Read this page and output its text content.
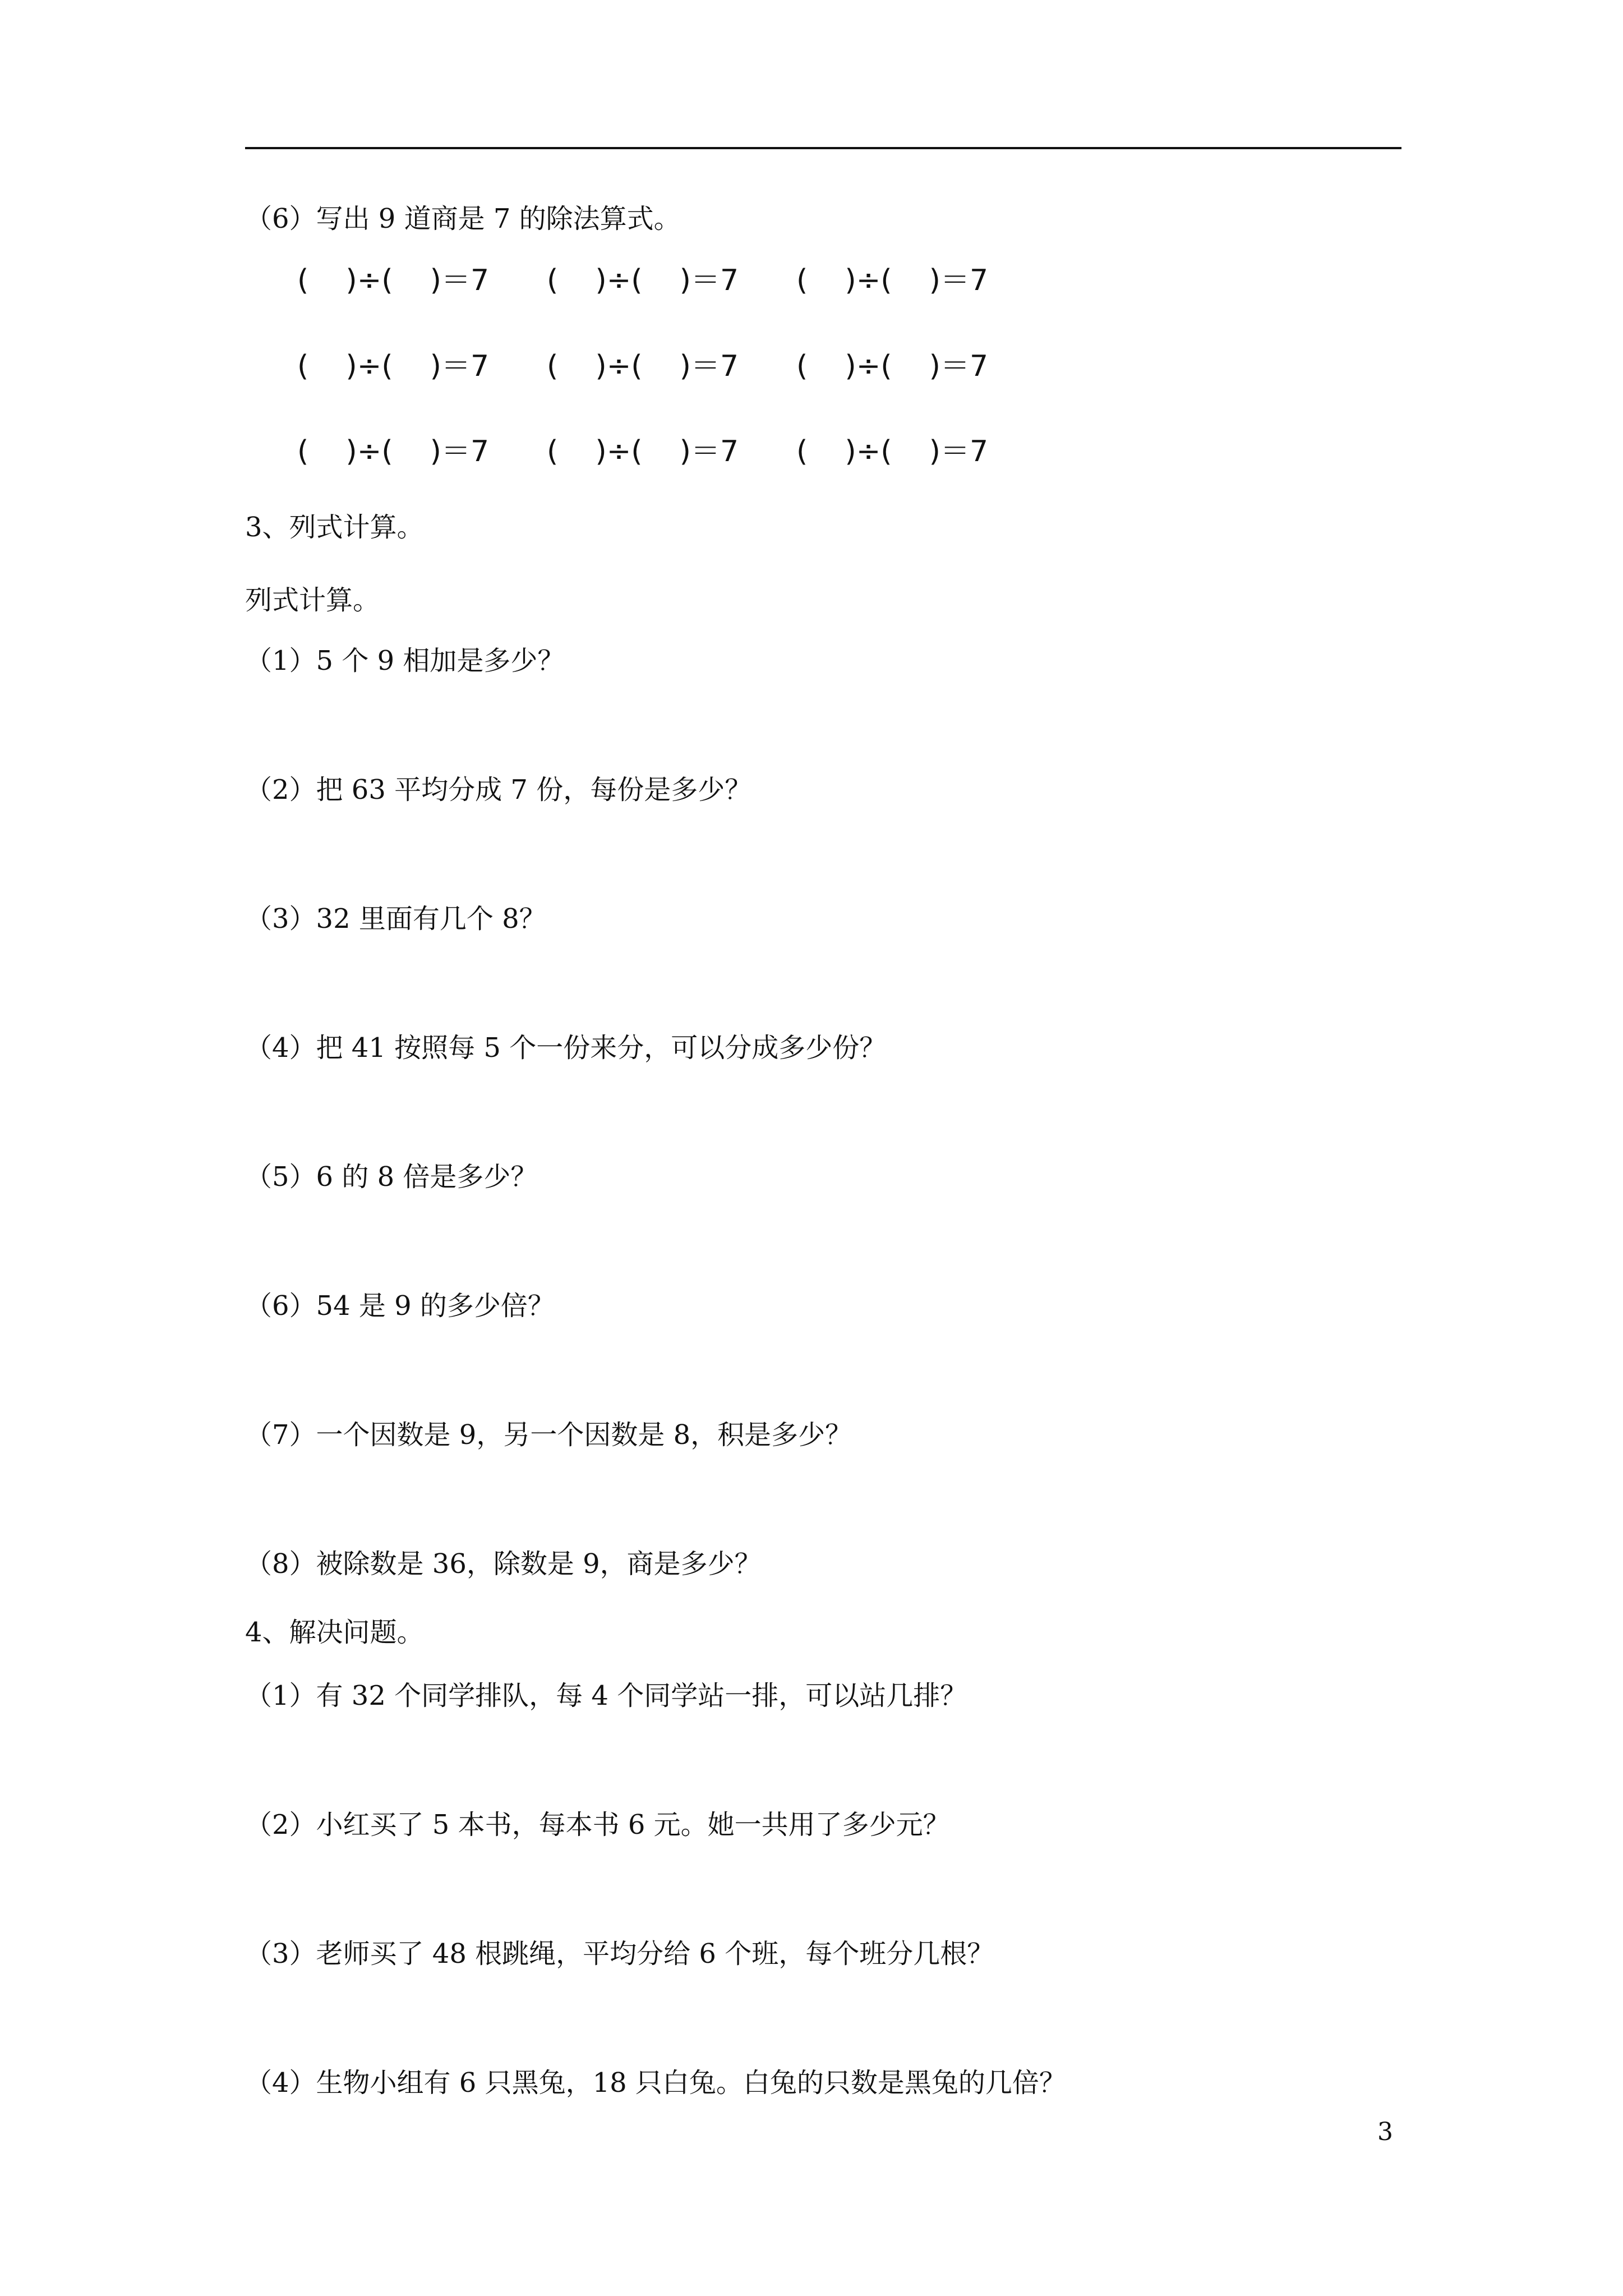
（6）写出 9 道商是 7 的除法算式。
(    )÷(    )＝7 (    )÷(    )＝7 (    )÷(    )＝7
(    )÷(    )＝7 (    )÷(    )＝7 (    )÷(    )＝7
(    )÷(    )＝7 (    )÷(    )＝7 (    )÷(    )＝7
3、列式计算。
列式计算。
（1）5 个 9 相加是多少？
（2）把 63 平均分成 7 份，每份是多少？
（3）32 里面有几个 8？
（4）把 41 按照每 5 个一份来分，可以分成多少份？
（5）6 的 8 倍是多少？
（6）54 是 9 的多少倍？
（7）一个因数是 9，另一个因数是 8，积是多少？
（8）被除数是 36，除数是 9，商是多少？
4、解决问题。
（1）有 32 个同学排队，每 4 个同学站一排，可以站几排？
（2）小红买了 5 本书，每本书 6 元。她一共用了多少元？
（3）老师买了 48 根跳绳，平均分给 6 个班，每个班分几根？
（4）生物小组有 6 只黑兔，18 只白兔。白兔的只数是黑兔的几倍？
3
